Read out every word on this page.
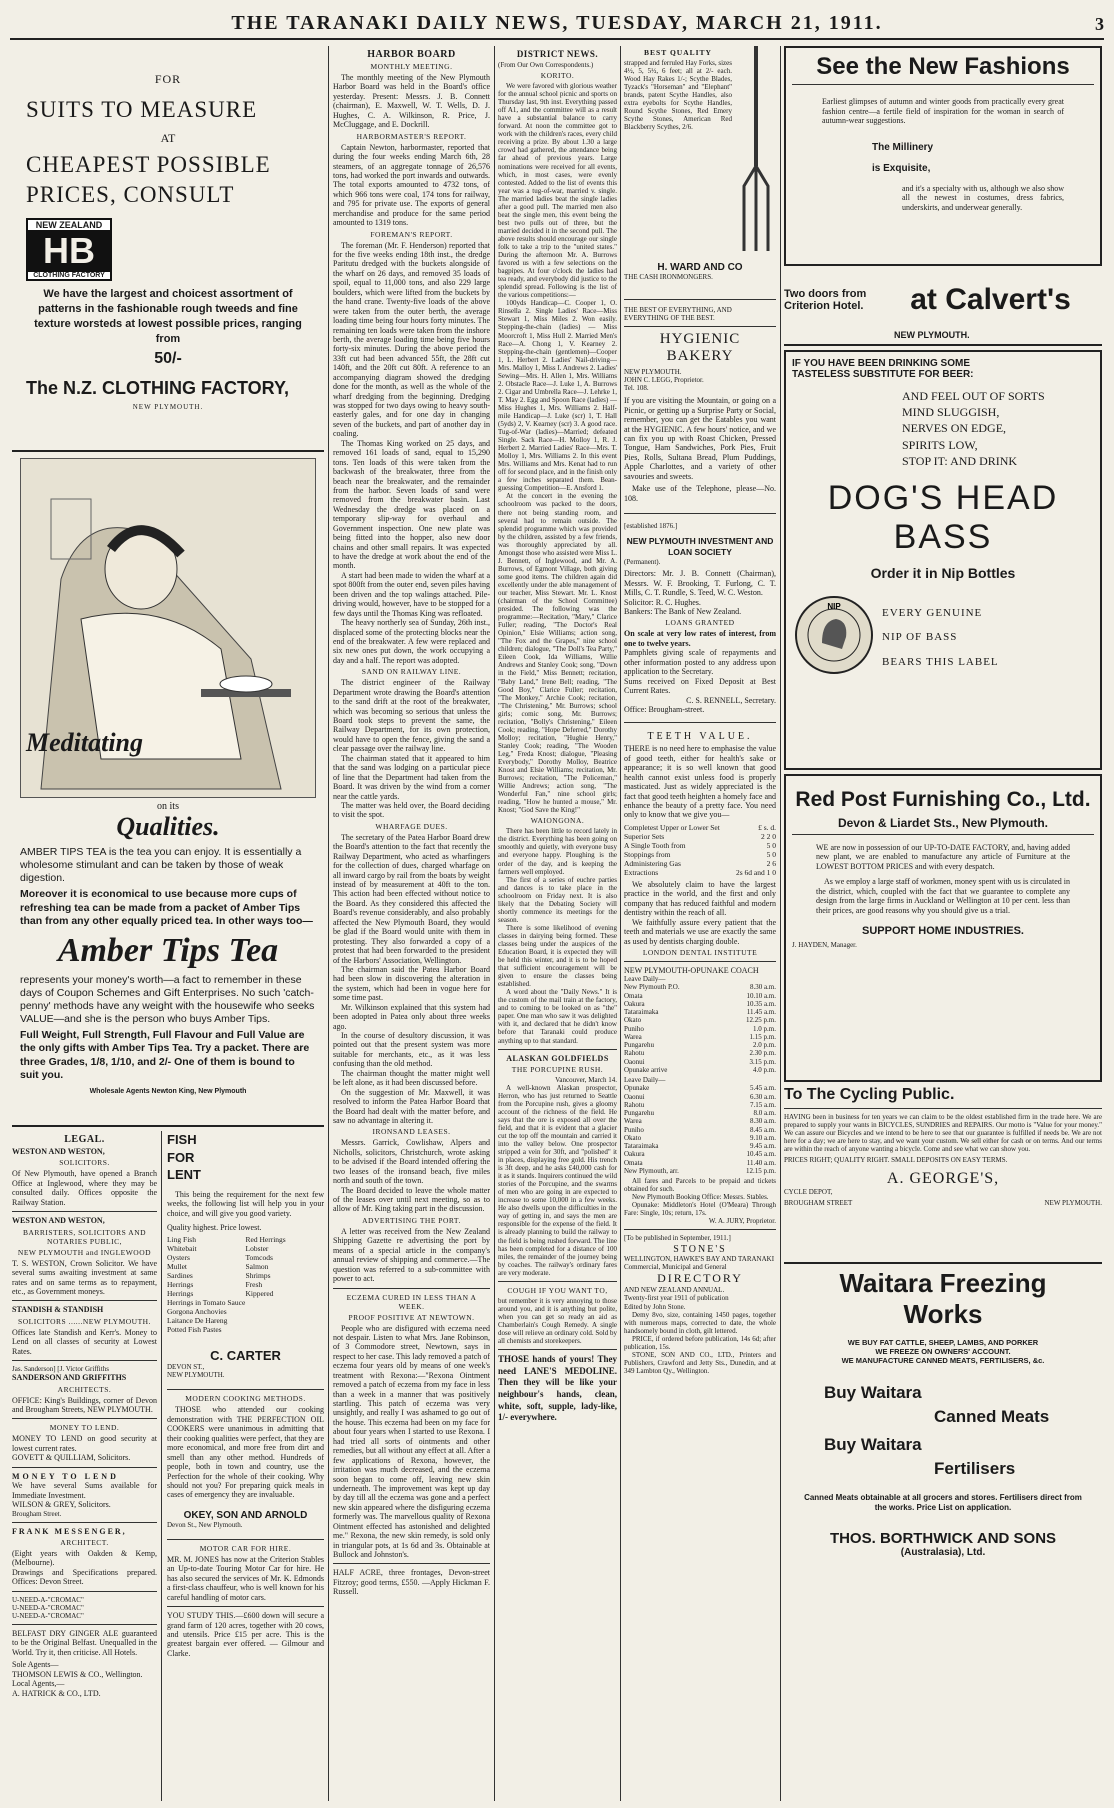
THE TARANAKI DAILY NEWS, TUESDAY, MARCH 21, 1911.	3
FOR
SUITS TO MEASURE
AT
CHEAPEST POSSIBLE
PRICES, CONSULT
NEW ZEALAND
HB
CLOTHING FACTORY
We have the largest and choicest assortment of patterns in the fashionable rough tweeds and fine texture worsteds at lowest possible prices, ranging from
50/-
The N.Z. CLOTHING FACTORY,
NEW PLYMOUTH.
Meditating
on its
Qualities.
AMBER TIPS TEA is the tea you can enjoy. It is essentially a wholesome stimulant and can be taken by those of weak digestion.
Moreover it is economical to use because more cups of refreshing tea can be made from a packet of Amber Tips than from any other equally priced tea. In other ways too—
Amber Tips Tea
represents your money's worth—a fact to remember in these days of Coupon Schemes and Gift Enterprises. No such 'catch-penny' methods have any weight with the housewife who seeks VALUE—and she is the person who buys Amber Tips.
Full Weight, Full Strength, Full Flavour and Full Value are the only gifts with Amber Tips Tea. Try a packet. There are three Grades, 1/8, 1/10, and 2/- One of them is bound to suit you.
Wholesale Agents Newton King, New Plymouth
LEGAL.
WESTON AND WESTON,
SOLICITORS.
Of New Plymouth, have opened a Branch Office at Inglewood, where they may be consulted daily. Offices opposite the Railway Station.
WESTON AND WESTON,
BARRISTERS, SOLICITORS AND NOTARIES PUBLIC,
NEW PLYMOUTH and INGLEWOOD
T. S. WESTON, Crown Solicitor. We have several sums awaiting investment at same rates and on same terms as to repayment, etc., as Government moneys.
STANDISH & STANDISH
SOLICITORS ......NEW PLYMOUTH.
Offices late Standish and Kerr's. Money to Lend on all classes of security at Lowest Rates.
Jas. Sanderson] [J. Victor Griffiths
SANDERSON AND GRIFFITHS
ARCHITECTS.
OFFICE: King's Buildings, corner of Devon and Brougham Streets, NEW PLYMOUTH.
MONEY TO LEND.
MONEY TO LEND on good security at lowest current rates.
GOVETT & QUILLIAM, Solicitors.
MONEY TO LEND
We have several Sums available for Immediate Investment.
WILSON & GREY, Solicitors.
Brougham Street.
FRANK MESSENGER,
ARCHITECT.
(Eight years with Oakden & Kemp, (Melbourne).
Drawings and Specifications prepared. Offices: Devon Street.
U-NEED-A-"CROMAC"
U-NEED-A-"CROMAC"
U-NEED-A-"CROMAC"
BELFAST DRY GINGER ALE guaranteed to be the Original Belfast. Unequalled in the World. Try it, then criticise. All Hotels.
Sole Agents—
THOMSON LEWIS & CO., Wellington.
Local Agents,—
A. HATRICK & CO., LTD.
FISH
FOR
LENT
This being the requirement for the next few weeks, the following list will help you in your choice, and will give you good variety.
Quality highest. Price lowest.
Ling Fish	Red Herrings
Whitebait	Lobster
Oysters	Tomcods
Mullet	Salmon
Sardines	Shrimps
Herrings	Fresh
Herrings	Kippered
Herrings in Tomato Sauce
Gorgona Anchovies
Laitance De Hareng
Potted Fish Pastes
C. CARTER
DEVON ST.,
NEW PLYMOUTH.
MODERN COOKING METHODS.
THOSE who attended our cooking demonstration with THE PERFECTION OIL COOKERS were unanimous in admitting that their cooking qualities were perfect, that they are more economical, and more free from dirt and smell than any other method. Hundreds of people, both in town and country, use the Perfection for the whole of their cooking. Why should not you? For preparing quick meals in cases of emergency they are invaluable.
OKEY, SON AND ARNOLD
Devon St., New Plymouth.
MOTOR CAR FOR HIRE.
MR. M. JONES has now at the Criterion Stables an Up-to-date Touring Motor Car for hire. He has also secured the services of Mr. K. Edmonds a first-class chauffeur, who is well known for his careful handling of motor cars.
YOU STUDY THIS.—£600 down will secure a grand farm of 120 acres, together with 20 cows, and utensils. Price £15 per acre. This is the greatest bargain ever offered. — Gilmour and Clarke.
HARBOR BOARD
MONTHLY MEETING.
The monthly meeting of the New Plymouth Harbor Board was held in the Board's office yesterday. Present: Messrs. J. B. Connett (chairman), E. Maxwell, W. T. Wells, D. J. Hughes, C. A. Wilkinson, R. Price, J. McCluggage, and E. Dockrill.
HARBORMASTER'S REPORT.
Captain Newton, harbormaster, reported that during the four weeks ending March 6th, 28 steamers, of an aggregate tonnage of 26,576 tons, had worked the port inwards and outwards. The total exports amounted to 4732 tons, of which 966 tons were coal, 174 tons for railway, and 795 for private use. The exports of general merchandise and produce for the same period amounted to 1319 tons.
FOREMAN'S REPORT.
The foreman (Mr. F. Henderson) reported that for the five weeks ending 18th inst., the dredge Paritutu dredged with the buckets alongside of the wharf on 26 days, and removed 35 loads of spoil, equal to 11,000 tons, and also 229 large boulders, which were lifted from the buckets by the hand crane. Twenty-five loads of the above were taken from the outer berth, the average loading time being four hours forty minutes. The remaining ten loads were taken from the inshore berth, the average loading time being five hours forty-six minutes. During the above period the 33ft cut had been advanced 55ft, the 28ft cut 140ft, and the 20ft cut 80ft. A reference to an accompanying diagram showed the dredging done for the month, as well as the whole of the wharf dredging from the beginning. Dredging was stopped for two days owing to heavy south-easterly gales, and for one day in changing seven of the buckets, and part of another day in coaling.
The Thomas King worked on 25 days, and removed 161 loads of sand, equal to 15,290 tons. Ten loads of this were taken from the backwash of the breakwater, three from the beach near the breakwater, and the remainder from the harbor. Seven loads of sand were removed from the breakwater basin. Last Wednesday the dredge was placed on a temporary slip-way for overhaul and Government inspection. One new plate was being fitted into the hopper, also new door chains and other small repairs. It was expected to have the dredge at work about the end of the month.
A start had been made to widen the wharf at a spot 800ft from the outer end, seven piles having been driven and the top walings attached. Pile-driving would, however, have to be stopped for a few days until the Thomas King was refloated.
The heavy northerly sea of Sunday, 26th inst., displaced some of the protecting blocks near the end of the breakwater. A few were replaced and six new ones put down, the work occupying a day and a half. The report was adopted.
SAND ON RAILWAY LINE.
The district engineer of the Railway Department wrote drawing the Board's attention to the sand drift at the root of the breakwater, which was becoming so serious that unless the Board took steps to prevent the same, the Railway Department, for its own protection, would have to open the fence, giving the sand a clear passage over the railway line.
The chairman stated that it appeared to him that the sand was lodging on a particular piece of line that the Department had taken from the Board. It was driven by the wind from a corner near the cattle yards.
The matter was held over, the Board deciding to visit the spot.
WHARFAGE DUES.
The secretary of the Patea Harbor Board drew the Board's attention to the fact that recently the Railway Department, who acted as wharfingers for the collection of dues, charged wharfage on all inward cargo by rail from the boats by weight instead of by measurement at 40ft to the ton. This action had been effected without notice to the Board. As they considered this affected the Board's revenue considerably, and also probably affected the New Plymouth Board, they would be glad if the Board would unite with them in protesting. They also forwarded a copy of a protest that had been forwarded to the president of the Harbors' Association, Wellington.
The chairman said the Patea Harbor Board had been slow in discovering the alteration in the system, which had been in vogue here for some time past.
Mr. Wilkinson explained that this system had been adopted in Patea only about three weeks ago.
In the course of desultory discussion, it was pointed out that the present system was more suitable for merchants, etc., as it was less confusing than the old method.
The chairman thought the matter might well be left alone, as it had been discussed before.
On the suggestion of Mr. Maxwell, it was resolved to inform the Patea Harbor Board that the Board had dealt with the matter before, and saw no advantage in altering it.
IRONSAND LEASES.
Messrs. Garrick, Cowlishaw, Alpers and Nicholls, solicitors, Christchurch, wrote asking to be advised if the Board intended offering the two leases of the ironsand beach, five miles north and south of the town.
The Board decided to leave the whole matter of the leases over until next meeting, so as to allow of Mr. King taking part in the discussion.
ADVERTISING THE PORT.
A letter was received from the New Zealand Shipping Gazette re advertising the port by means of a special article in the company's annual review of shipping and commerce.—The question was referred to a sub-committee with power to act.
ECZEMA CURED IN LESS THAN A WEEK.
PROOF POSITIVE AT NEWTOWN.
People who are disfigured with eczema need not despair. Listen to what Mrs. Jane Robinson, of 3 Commodore street, Newtown, says in respect to her case. This lady removed a patch of eczema four years old by means of one week's treatment with Rexona:—"Rexona Ointment removed a patch of eczema from my face in less than a week in a manner that was positively startling. This patch of eczema was very unsightly, and really I was ashamed to go out of the house. This eczema had been on my face for about four years when I started to use Rexona. I had tried all sorts of ointments and other remedies, but all without any effect at all. After a few applications of Rexona, however, the irritation was much decreased, and the eczema soon began to come off, leaving new skin underneath. The improvement was kept up day by day till all the eczema was gone and a perfect new skin appeared where the disfiguring eczema formerly was. The marvellous quality of Rexona Ointment effected has astonished and delighted me." Rexona, the new skin remedy, is sold only in triangular pots, at 1s 6d and 3s. Obtainable at Bullock and Johnston's.
HALF ACRE, three frontages, Devon-street Fitzroy; good terms, £550. —Apply Hickman F. Russell.
DISTRICT NEWS.
(From Our Own Correspondents.)
KORITO.
We were favored with glorious weather for the annual school picnic and sports on Thursday last, 9th inst. Everything passed off A1, and the committee will as a result have a substantial balance to carry forward. At noon the committee got to work with the children's races, every child receiving a prize. By about 1.30 a large crowd had gathered, the attendance being far ahead of previous years. Large nominations were received for all events, which, in most cases, were evenly contested. Added to the list of events this year was a tug-of-war, married v. single. The married ladies beat the single ladies after a good pull. The married men also beat the single men, this event being the best two pulls out of three, but the married decided it in the second pull. The above results should encourage our single folk to take a trip to the "united states." During the afternoon Mr. A. Burrows favored us with a few selections on the bagpipes. At four o'clock the ladies had tea ready, and everybody did justice to the splendid spread. Following is the list of the various competitions:—
100yds Handicap—C. Cooper 1, O. Rinsella 2. Single Ladies' Race—Miss Stewart 1, Miss Miles 2. Won easily. Stepping-the-chain (ladies) — Miss Moorcroft 1, Miss Hull 2. Married Men's Race—A. Chong 1, V. Kearney 2. Stepping-the-chain (gentlemen)—Cooper 1, L. Herbert 2. Ladies' Nail-driving—Mrs. Malloy 1, Miss I. Andrews 2. Ladies' Sewing—Mrs. H. Allen 1, Mrs. Williams 2. Obstacle Race—J. Luke 1, A. Burrows 2. Cigar and Umbrella Race—J. Lehrke 1, T. May 2. Egg and Spoon Race (ladies) —Miss Hughes 1, Mrs. Williams 2. Half-mile Handicap—J. Luke (scr) 1, T. Hall (5yds) 2, V. Kearney (scr) 3. A good race. Tug-of-War (ladies)—Married; defeated Single. Sack Race—H. Molloy 1, R. J. Herbert 2. Married Ladies' Race—Mrs. T. Molloy 1, Mrs. Williams 2. In this event Mrs. Williams and Mrs. Kenat had to run off for second place, and in the finish only a few inches separated them. Bean-guessing Competition—E. Ansford 1.
At the concert in the evening the schoolroom was packed to the doors, there not being standing room, and several had to remain outside. The splendid programme which was provided by the children, assisted by a few friends, was thoroughly appreciated by all. Amongst those who assisted were Miss L. J. Bennett, of Inglewood, and Mr. A. Burrows, of Egmont Village, both giving some good items. The children again did excellently under the able management of our teacher, Miss Stewart. Mr. L. Knost (chairman of the School Committee) presided. The following was the programme:—Recitation, "Mary," Clarice Fuller; reading, "The Doctor's Real Opinion," Elsie Williams; action song, "The Fox and the Grapes," nine school children; dialogue, "The Doll's Tea Party," Eileen Cook, Ida Williams, Willie Andrews and Stanley Cook; song, "Down in the Field," Miss Bennett; recitation, "Baby Land," Irene Bell; reading, "The Good Boy," Clarice Fuller; recitation, "The Monkey," Archie Cook; recitation, "The Christening," Mr. Burrows; school girls; comic song, Mr. Burrows; recitation, "Bolly's Christening," Eileen Cook; reading, "Hope Deferred," Dorothy Molloy; recitation, "Hughie Henry," Stanley Cook; reading, "The Wooden Leg," Freda Knost; dialogue, "Pleasing Everybody," Dorothy Molloy, Beatrice Knost and Elsie Williams; recitation, Mr. Burrows; recitation, "The Policeman," Willie Andrews; action song, "The Wonderful Fan," nine school girls; reading, "How he hunted a mouse," Mr. Knost; "God Save the King!"
WAIONGONA.
There has been little to record lately in the district. Everything has been going on smoothly and quietly, with everyone busy and everyone happy. Ploughing is the order of the day, and is keeping the farmers well employed.
The first of a series of euchre parties and dances is to take place in the schoolroom on Friday next. It is also likely that the Debating Society will shortly commence its meetings for the season.
There is some likelihood of evening classes in dairying being formed. These classes being under the auspices of the Education Board, it is expected they will be held this winter, and it is to be hoped that sufficient encouragement will be given to ensure the classes being established.
A word about the "Daily News." It is the custom of the mail train at the factory, and to coming to be looked on as "the" paper. One man who saw it was delighted with it, and declared that he didn't know before that Taranaki could produce anything up to that standard.
ALASKAN GOLDFIELDS
THE PORCUPINE RUSH.
Vancouver, March 14.
A well-known Alaskan prospector, Herron, who has just returned to Seattle from the Porcupine rush, gives a gloomy account of the richness of the field. He says that the ore is exposed all over the field, and that it is evident that a glacier cut the top off the mountain and carried it into the valley below. One prospector stripped a vein for 30ft, and "polished" it in places, displaying free gold. His trench is 3ft deep, and he asks £40,000 cash for it as it stands. Inquirers continued the wild stories of the Porcupine, and the swarms of men who are going in are expected to increase to some 10,000 in a few weeks. He also dwells upon the difficulties in the way of getting in, and says the men are responsible for the expense of the field. It is already planning to build the railway to the field is being rushed forward. The line has been completed for a distance of 100 miles, the remainder of the journey being by coaches. The railway's ordinary fares are very moderate.
COUGH IF YOU WANT TO,
but remember it is very annoying to those around you, and it is anything but polite, when you can get so ready an aid as Chamberlain's Cough Remedy. A single dose will relieve an ordinary cold. Sold by all chemists and storekeepers.
THOSE hands of yours! They need LANE'S MEDOLINE. Then they will be like your neighbour's hands, clean, white, soft, supple, lady-like, 1/- everywhere.
BEST QUALITY
strapped and ferruled Hay Forks, sizes 4½, 5, 5½, 6 feet; all at 2/- each. Wood Hay Rakes 1/-; Scythe Blades, Tyzack's "Horseman" and "Elephant" brands, patent Scythe Handles, also extra eyebolts for Scythe Handles, Round Scythe Stones, Red Emery Scythe Stones, American Red Blackberry Scythes, 2/6.
H. WARD AND CO
THE CASH IRONMONGERS.
THE BEST OF EVERYTHING, AND
EVERYTHING OF THE BEST.
HYGIENIC BAKERY
NEW PLYMOUTH.
JOHN C. LEGG, Proprietor.
Tel. 108.
If you are visiting the Mountain, or going on a Picnic, or getting up a Surprise Party or Social, remember, you can get the Eatables you want at the HYGIENIC. A few hours' notice, and we can fix you up with Roast Chicken, Pressed Tongue, Ham Sandwiches, Pork Pies, Fruit Pies, Rolls, Sultana Bread, Plum Puddings, Apple Charlottes, and a variety of other savouries and sweets.
Make use of the Telephone, please—No. 108.
[established 1876.]
NEW PLYMOUTH INVESTMENT AND LOAN SOCIETY
(Permanent).
Directors: Mr. J. B. Connett (Chairman), Messrs. W. F. Brooking, T. Furlong, C. T. Mills, C. T. Rundle, S. Teed, W. C. Weston.
Solicitor: R. C. Hughes.
Bankers: The Bank of New Zealand.
LOANS GRANTED
On scale at very low rates of interest, from one to twelve years.
Pamphlets giving scale of repayments and other information posted to any address upon application to the Secretary.
Sums received on Fixed Deposit at Best Current Rates.
C. S. RENNELL, Secretary.
Office: Brougham-street.
TEETH VALUE.
THERE is no need here to emphasise the value of good teeth, either for health's sake or appearance; it is so well known that good health cannot exist unless food is properly masticated. Just as widely appreciated is the fact that good teeth heighten a homely face and enhance the beauty of a pretty face. You need only to know that we give you—
Completest Upper or Lower Set	£ s. d.
Superior Sets	2 2 0
A Single Tooth from	5 0
Stoppings from	5 0
Administering Gas	2 6
Extractions	2s 6d and 1 0
We absolutely claim to have the largest practice in the world, and the first and only company that has reduced faithful and modern dentistry within the reach of all.
We faithfully assure every patient that the teeth and materials we use are exactly the same as used by dentists charging double.
LONDON DENTAL INSTITUTE
NEW PLYMOUTH-OPUNAKE COACH
Leave Daily—
New Plymouth P.O.	8.30 a.m.
Omata	10.10 a.m.
Oakura	10.35 a.m.
Tataraimaka	11.45 a.m.
Okato	12.25 p.m.
Puniho	1.0 p.m.
Warea	1.15 p.m.
Pungarehu	2.0 p.m.
Rahotu	2.30 p.m.
Oaonui	3.15 p.m.
Opunake arrive	4.0 p.m.
Leave Daily—
Opunake	5.45 a.m.
Oaonui	6.30 a.m.
Rahotu	7.15 a.m.
Pungarehu	8.0 a.m.
Warea	8.30 a.m.
Puniho	8.45 a.m.
Okato	9.10 a.m.
Tataraimaka	9.45 a.m.
Oakura	10.45 a.m.
Omata	11.40 a.m.
New Plymouth, arr.	12.15 p.m.
All fares and Parcels to be prepaid and tickets obtained for such.
New Plymouth Booking Office: Messrs. Stables.
Opunake: Middleton's Hotel (O'Meara) Through Fare: Single, 10s; return, 17s.
W. A. JURY, Proprietor.
[To be published in September, 1911.]
STONE'S
WELLINGTON, HAWKE'S BAY AND TARANAKI
Commercial, Municipal and General
DIRECTORY
AND NEW ZEALAND ANNUAL.
Twenty-first year 1911 of publication
Edited by John Stone.
Demy 8vo, size, containing 1450 pages, together with numerous maps, corrected to date, the whole handsomely bound in cloth, gilt lettered.
PRICE, if ordered before publication, 14s 6d; after publication, 15s.
STONE, SON AND CO., LTD., Printers and Publishers, Crawford and Jetty Sts., Dunedin, and at 349 Lambton Qy., Wellington.
See the New Fashions
Earliest glimpses of autumn and winter goods from practically every great fashion centre—a fertile field of inspiration for the woman in search of autumn-wear suggestions.
The Millinery
is Exquisite,
and it's a specialty with us, although we also show all the newest in costumes, dress fabrics, underskirts, and underwear generally.
Two doors from
Criterion Hotel.	at Calvert's
NEW PLYMOUTH.
IF YOU HAVE BEEN DRINKING SOME
TASTELESS SUBSTITUTE FOR BEER:
AND FEEL OUT OF SORTS
MIND SLUGGISH,
NERVES ON EDGE,
SPIRITS LOW,
STOP IT: AND DRINK
DOG'S HEAD
BASS
Order it in Nip Bottles
NIP
EVERY GENUINE
NIP OF BASS
BEARS THIS LABEL
Red Post Furnishing Co., Ltd.
Devon & Liardet Sts., New Plymouth.
WE are now in possession of our UP-TO-DATE FACTORY, and, having added new plant, we are enabled to manufacture any article of Furniture at the LOWEST BOTTOM PRICES and with every despatch.
As we employ a large staff of workmen, money spent with us is circulated in the district, which, coupled with the fact that we guarantee to complete any design from the large firms in Auckland or Wellington at 10 per cent. less than their prices, are good reasons why you should give us a trial.
SUPPORT HOME INDUSTRIES.
J. HAYDEN, Manager.
To The Cycling Public.
HAVING been in business for ten years we can claim to be the oldest established firm in the trade here. We are prepared to supply your wants in BICYCLES, SUNDRIES and REPAIRS. Our motto is "Value for your money." We can assure our Bicycles and we intend to be here to see that our guarantee is fulfilled if needs be. We are not here for a day; we are here to stay, and we want your custom. We sell either for cash or on terms. And our terms are within the reach of anyone wanting a bicycle. Come and see what we can show you.
PRICES RIGHT; QUALITY RIGHT. SMALL DEPOSITS ON EASY TERMS.
A. GEORGE'S,
CYCLE DEPOT,
BROUGHAM STREET	NEW PLYMOUTH.
Waitara Freezing
Works
WE BUY FAT CATTLE, SHEEP, LAMBS, AND PORKER
WE FREEZE ON OWNERS' ACCOUNT.
WE MANUFACTURE CANNED MEATS, FERTILISERS, &c.
Buy Waitara
Canned Meats
Buy Waitara
Fertilisers
Canned Meats obtainable at all grocers and stores. Fertilisers direct from the works. Price List on application.
THOS. BORTHWICK AND SONS
(Australasia), Ltd.
